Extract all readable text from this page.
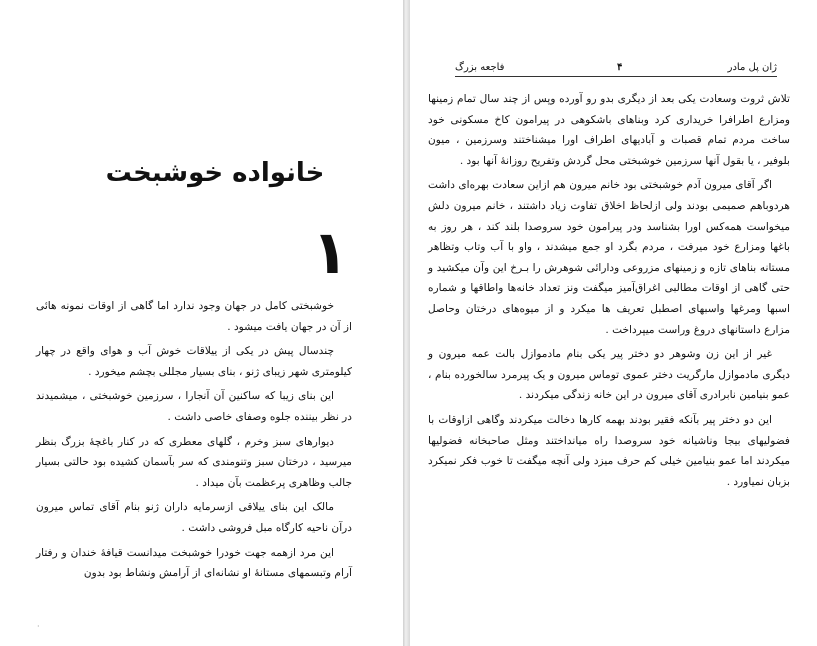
خانواده خوشبخت
۱

خوشبختی کامل در جهان وجود ندارد اما گاهی از اوقات نمونه هائی از آن در جهان یافت میشود .

چندسال پیش در یکی از ییلاقات خوش آب و هوای واقع در چهار کیلومتری شهر زیبای ژنو ، بنای بسیار مجللی بچشم میخورد .

این بنای زیبا که ساکنین آن آنجارا ، سرزمین خوشبختی ، میشمیدند در نظر بیننده جلوه وصفای خاصی داشت .

دیوارهای سبز وخرم ، گلهای معطری که در کنار باغچهٔ بزرگ بنظر میرسید ، درختان سبز وتنومندی که سر بآسمان کشیده بود حالتی بسیار جالب وظاهری پرعظمت بآن میداد .

مالک این بنای ییلاقی ازسرمایه داران ژنو بنام آقای تماس میرون درآن ناحیه کارگاه مبل فروشی داشت .

این مرد ازهمه جهت خودرا خوشبخت میدانست قیافهٔ خندان و رفتار آرام وتبسمهای مستانهٔ او نشانه‌ای از آرامش ونشاط بود بدون

·
ژان پل مادر
۴
فاجعه بزرگ

تلاش ثروت وسعادت یکی بعد از دیگری بدو رو آورده وپس از چند سال تمام زمینها ومزارع اطرافرا خریداری کرد وبناهای باشکوهی در پیرامون کاخ مسکونی خود ساخت مردم تمام قصبات و آبادیهای اطراف اورا میشناختند وسرزمین ، میون بلوفیر ، یا بقول آنها سرزمین خوشبختی محل گردش وتفریح روزانهٔ آنها بود .

اگر آقای میرون آدم خوشبختی بود خانم میرون هم ازاین سعادت بهره‌ای داشت هردوباهم صمیمی بودند ولی ازلحاظ اخلاق تفاوت زیاد داشتند ، خانم میرون دلش میخواست همه‌کس اورا بشناسد ودر پیرامون خود سروصدا بلند کند ، هر روز به باغها ومزارع خود میرفت ، مردم بگرد او جمع میشدند ، واو با آب وتاب وتظاهر مستانه بناهای تازه و زمینهای مزروعی ودارائی شوهرش را بـرخ این وآن میکشید و حتی گاهی از اوقات مطالبی اغراق‌آمیز میگفت ونز تعداد خانه‌ها واطاقها و شماره اسبها ومرغها واسبهای اصطبل تعریف ها میکرد و از میوه‌های درختان وحاصل مزارع داستانهای دروغ وراست میپرداخت .

غیر از این زن وشوهر دو دختر پیر یکی بنام مادموازل بالت عمه میرون و دیگری مادموازل مارگریت دختر عموی توماس میرون و یک پیرمرد سالخورده بنام ، عمو بنیامین نابرادری آقای میرون در این خانه زندگی میکردند .

این دو دختر پیر بآنکه فقیر بودند بهمه کارها دخالت میکردند وگاهی ازاوقات با فضولیهای بیجا وناشیانه خود سروصدا راه میانداختند ومثل صاحبخانه فضولیها میکردند اما عمو بنیامین خیلی کم حرف میزد ولی آنچه میگفت تا خوب فکر نمیکرد بزبان نمیاورد .
